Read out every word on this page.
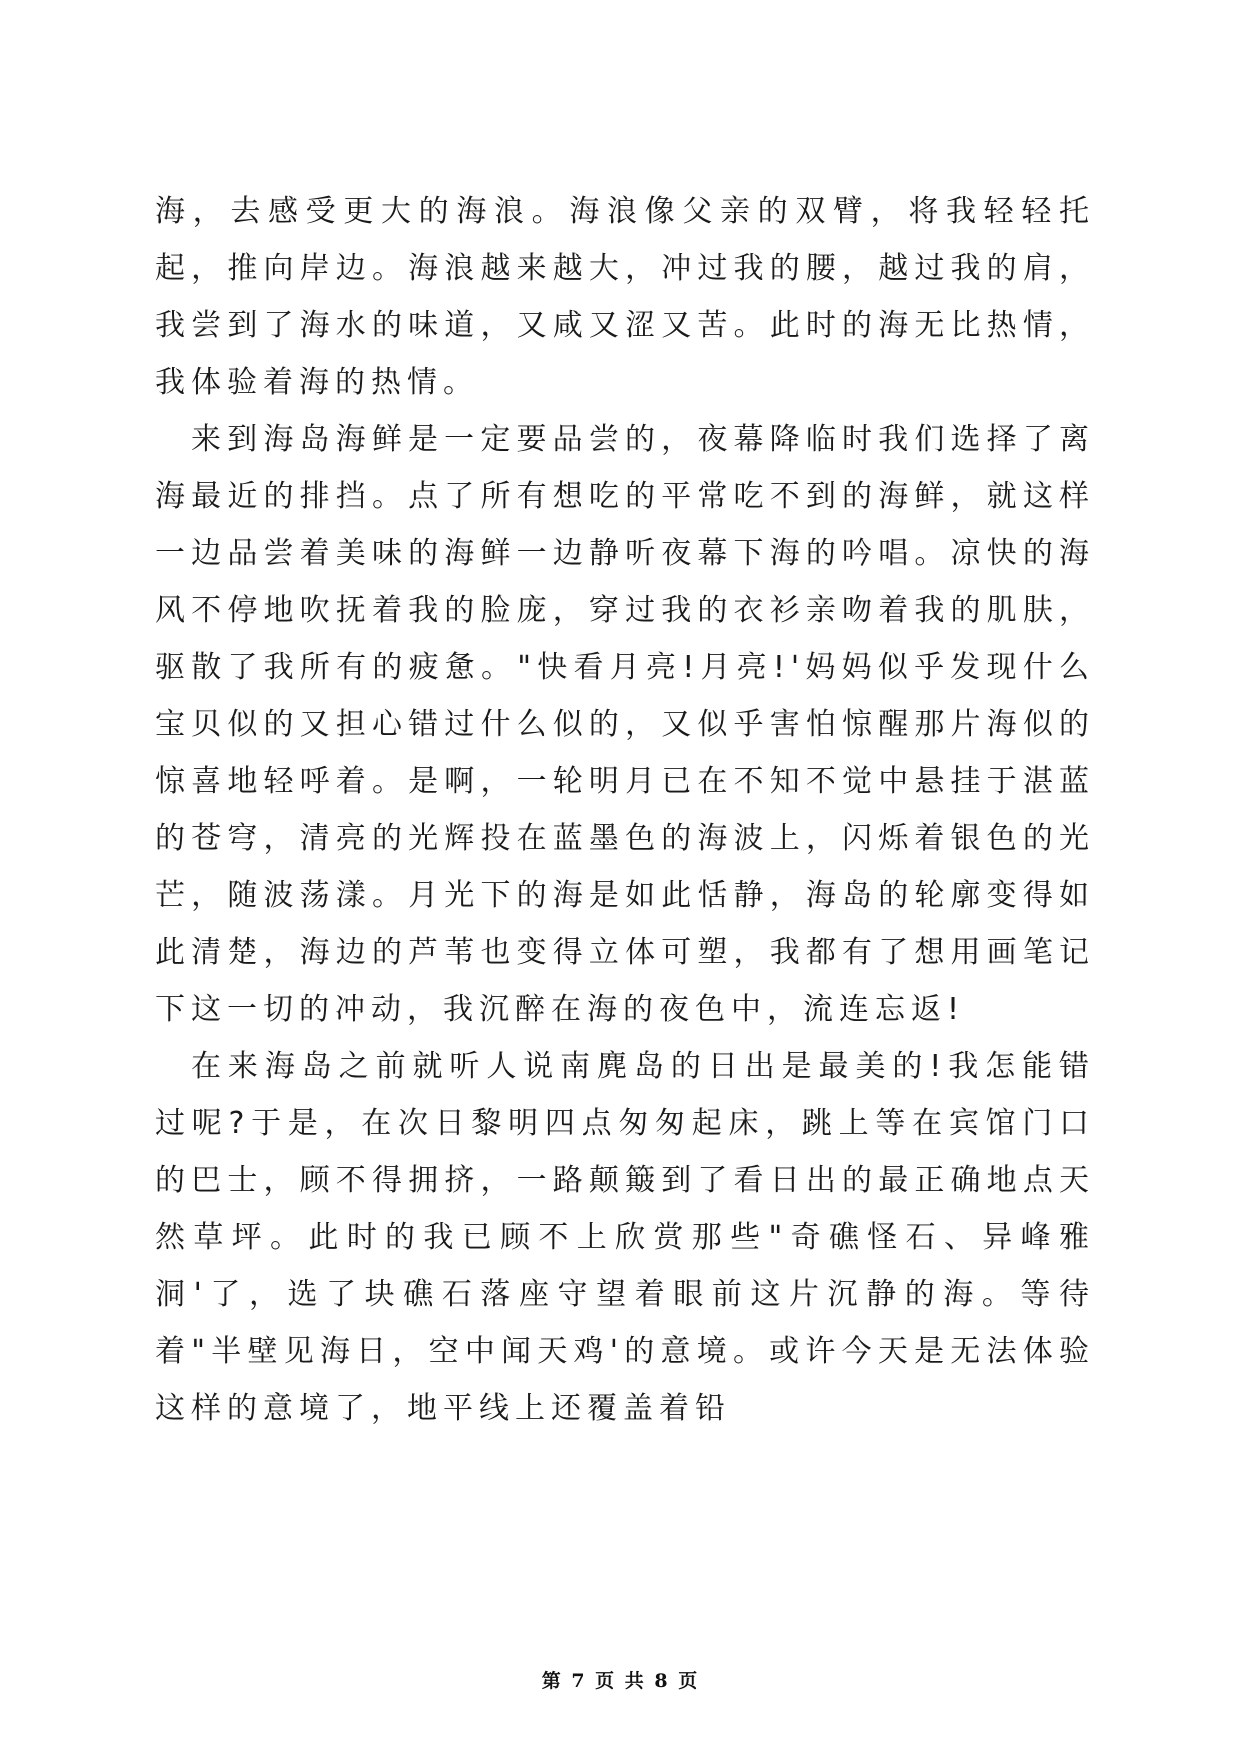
海，去感受更大的海浪。海浪像父亲的双臂，将我轻轻托起，推向岸边。海浪越来越大，冲过我的腰，越过我的肩，我尝到了海水的味道，又咸又涩又苦。此时的海无比热情，我体验着海的热情。

来到海岛海鲜是一定要品尝的，夜幕降临时我们选择了离海最近的排挡。点了所有想吃的平常吃不到的海鲜，就这样一边品尝着美味的海鲜一边静听夜幕下海的吟唱。凉快的海风不停地吹抚着我的脸庞，穿过我的衣衫亲吻着我的肌肤，驱散了我所有的疲惫。"快看月亮!月亮!'妈妈似乎发现什么宝贝似的又担心错过什么似的，又似乎害怕惊醒那片海似的惊喜地轻呼着。是啊，一轮明月已在不知不觉中悬挂于湛蓝的苍穹，清亮的光辉投在蓝墨色的海波上，闪烁着银色的光芒，随波荡漾。月光下的海是如此恬静，海岛的轮廓变得如此清楚，海边的芦苇也变得立体可塑，我都有了想用画笔记下这一切的冲动，我沉醉在海的夜色中，流连忘返!

在来海岛之前就听人说南麂岛的日出是最美的!我怎能错过呢?于是，在次日黎明四点匆匆起床，跳上等在宾馆门口的巴士，顾不得拥挤，一路颠簸到了看日出的最正确地点天然草坪。此时的我已顾不上欣赏那些"奇礁怪石、异峰雅洞'了，选了块礁石落座守望着眼前这片沉静的海。等待着"半壁见海日，空中闻天鸡'的意境。或许今天是无法体验这样的意境了，地平线上还覆盖着铅

第 7 页 共 8 页
